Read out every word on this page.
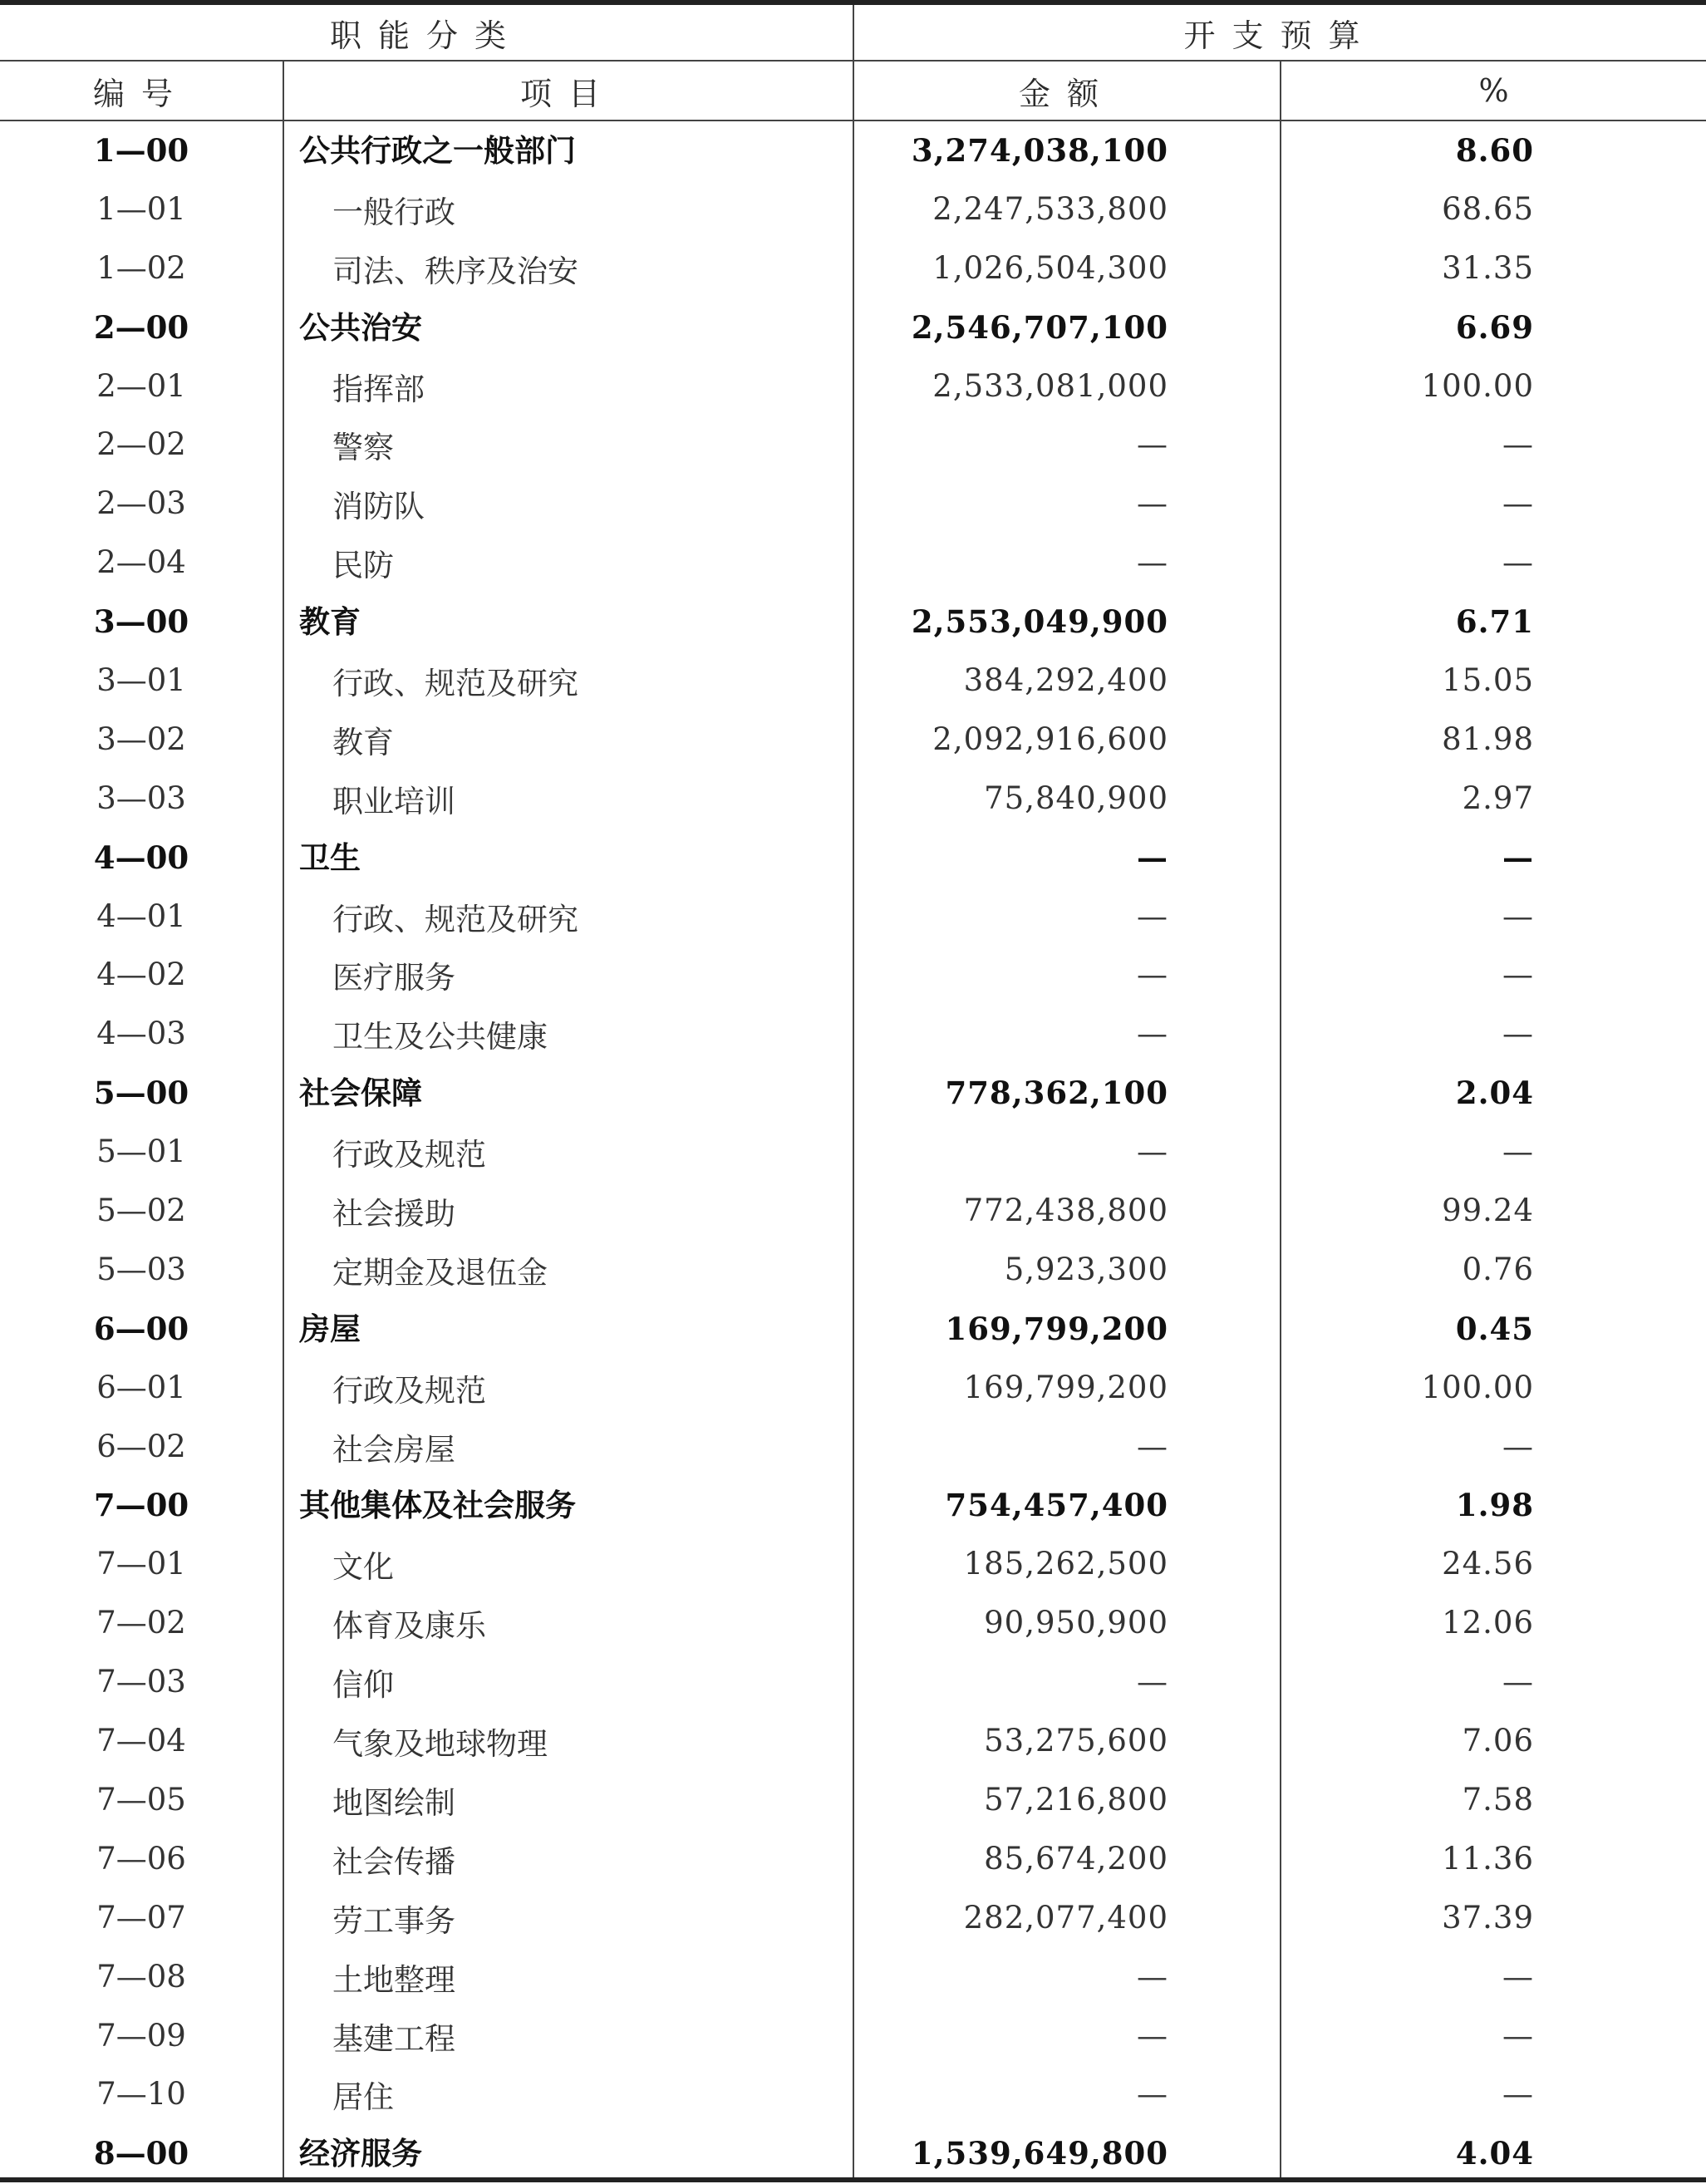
职能分类	开支预算
编号	项目	金额	%
1—00	公共行政之一般部门	3,274,038,100	8.60
1—01	一般行政	2,247,533,800	68.65
1—02	司法、秩序及治安	1,026,504,300	31.35
2—00	公共治安	2,546,707,100	6.69
2—01	指挥部	2,533,081,000	100.00
2—02	警察	—	—
2—03	消防队	—	—
2—04	民防	—	—
3—00	教育	2,553,049,900	6.71
3—01	行政、规范及研究	384,292,400	15.05
3—02	教育	2,092,916,600	81.98
3—03	职业培训	75,840,900	2.97
4—00	卫生	—	—
4—01	行政、规范及研究	—	—
4—02	医疗服务	—	—
4—03	卫生及公共健康	—	—
5—00	社会保障	778,362,100	2.04
5—01	行政及规范	—	—
5—02	社会援助	772,438,800	99.24
5—03	定期金及退伍金	5,923,300	0.76
6—00	房屋	169,799,200	0.45
6—01	行政及规范	169,799,200	100.00
6—02	社会房屋	—	—
7—00	其他集体及社会服务	754,457,400	1.98
7—01	文化	185,262,500	24.56
7—02	体育及康乐	90,950,900	12.06
7—03	信仰	—	—
7—04	气象及地球物理	53,275,600	7.06
7—05	地图绘制	57,216,800	7.58
7—06	社会传播	85,674,200	11.36
7—07	劳工事务	282,077,400	37.39
7—08	土地整理	—	—
7—09	基建工程	—	—
7—10	居住	—	—
8—00	经济服务	1,539,649,800	4.04
